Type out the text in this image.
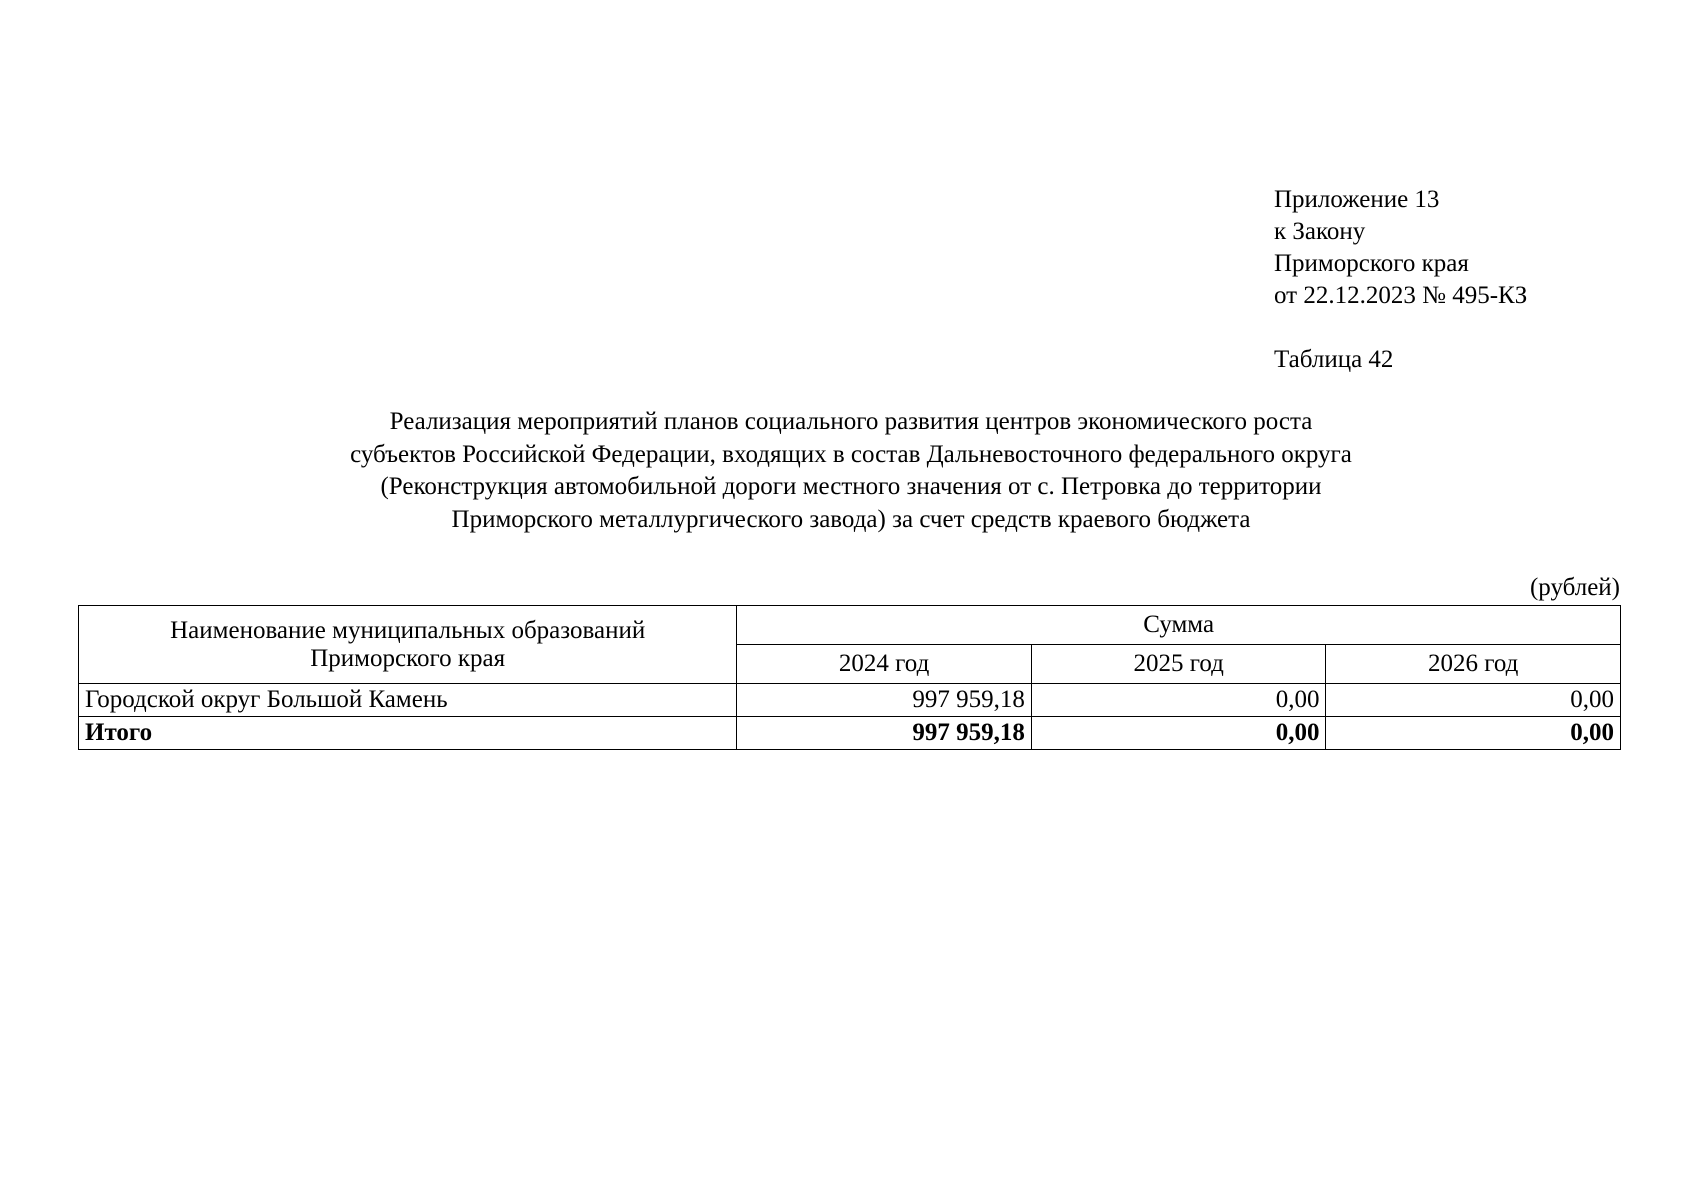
Приложение 13
к Закону
Приморского края
от 22.12.2023 № 495-КЗ
Таблица 42
Реализация мероприятий планов социального развития центров экономического роста
субъектов Российской Федерации, входящих в состав Дальневосточного федерального округа
(Реконструкция автомобильной дороги местного значения от с. Петровка до территории
Приморского металлургического завода) за счет средств краевого бюджета
(рублей)
Наименование муниципальных образований
Приморского края	Сумма		
	2024 год	2025 год	2026 год
Городской округ Большой Камень	997 959,18	0,00	0,00
Итого	997 959,18	0,00	0,00
